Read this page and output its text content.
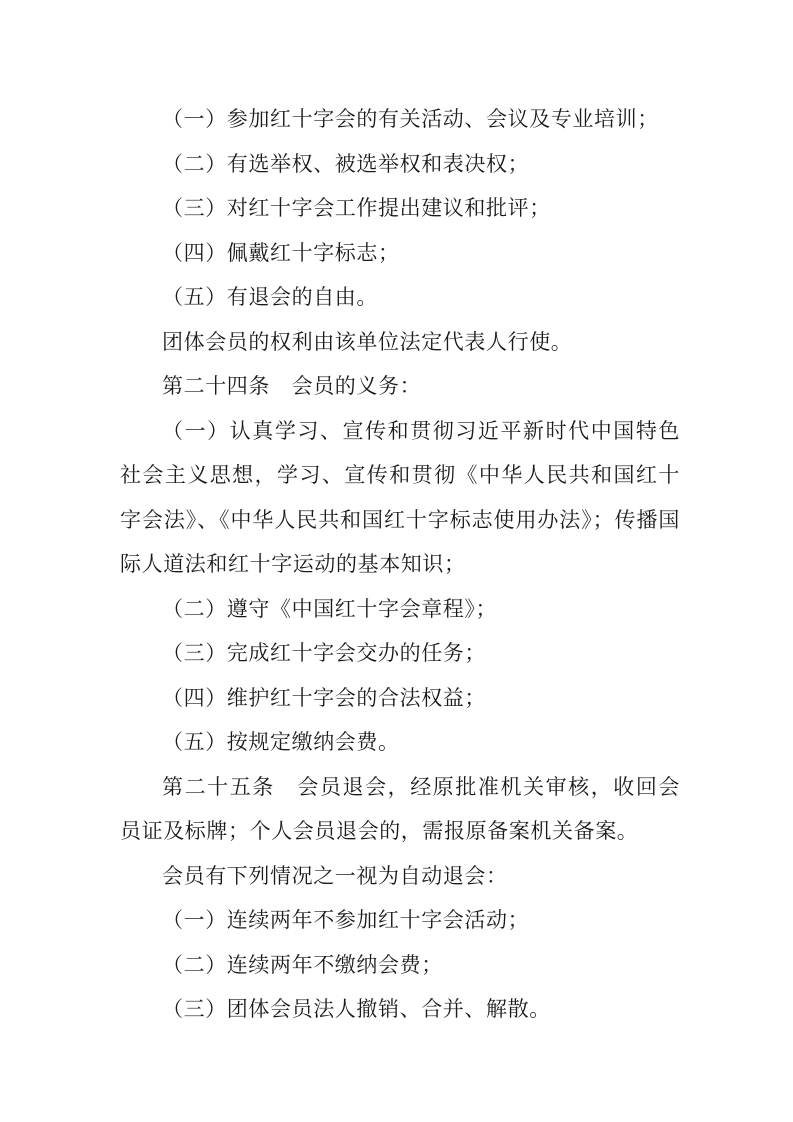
（一）参加红十字会的有关活动、会议及专业培训；

（二）有选举权、被选举权和表决权；

（三）对红十字会工作提出建议和批评；

（四）佩戴红十字标志；

（五）有退会的自由。

团体会员的权利由该单位法定代表人行使。

第二十四条　会员的义务：

（一）认真学习、宣传和贯彻习近平新时代中国特色社会主义思想，学习、宣传和贯彻《中华人民共和国红十字会法》、《中华人民共和国红十字标志使用办法》；传播国际人道法和红十字运动的基本知识；

（二）遵守《中国红十字会章程》；

（三）完成红十字会交办的任务；

（四）维护红十字会的合法权益；

（五）按规定缴纳会费。

第二十五条　会员退会，经原批准机关审核，收回会员证及标牌；个人会员退会的，需报原备案机关备案。

会员有下列情况之一视为自动退会：

（一）连续两年不参加红十字会活动；

（二）连续两年不缴纳会费；

（三）团体会员法人撤销、合并、解散。
